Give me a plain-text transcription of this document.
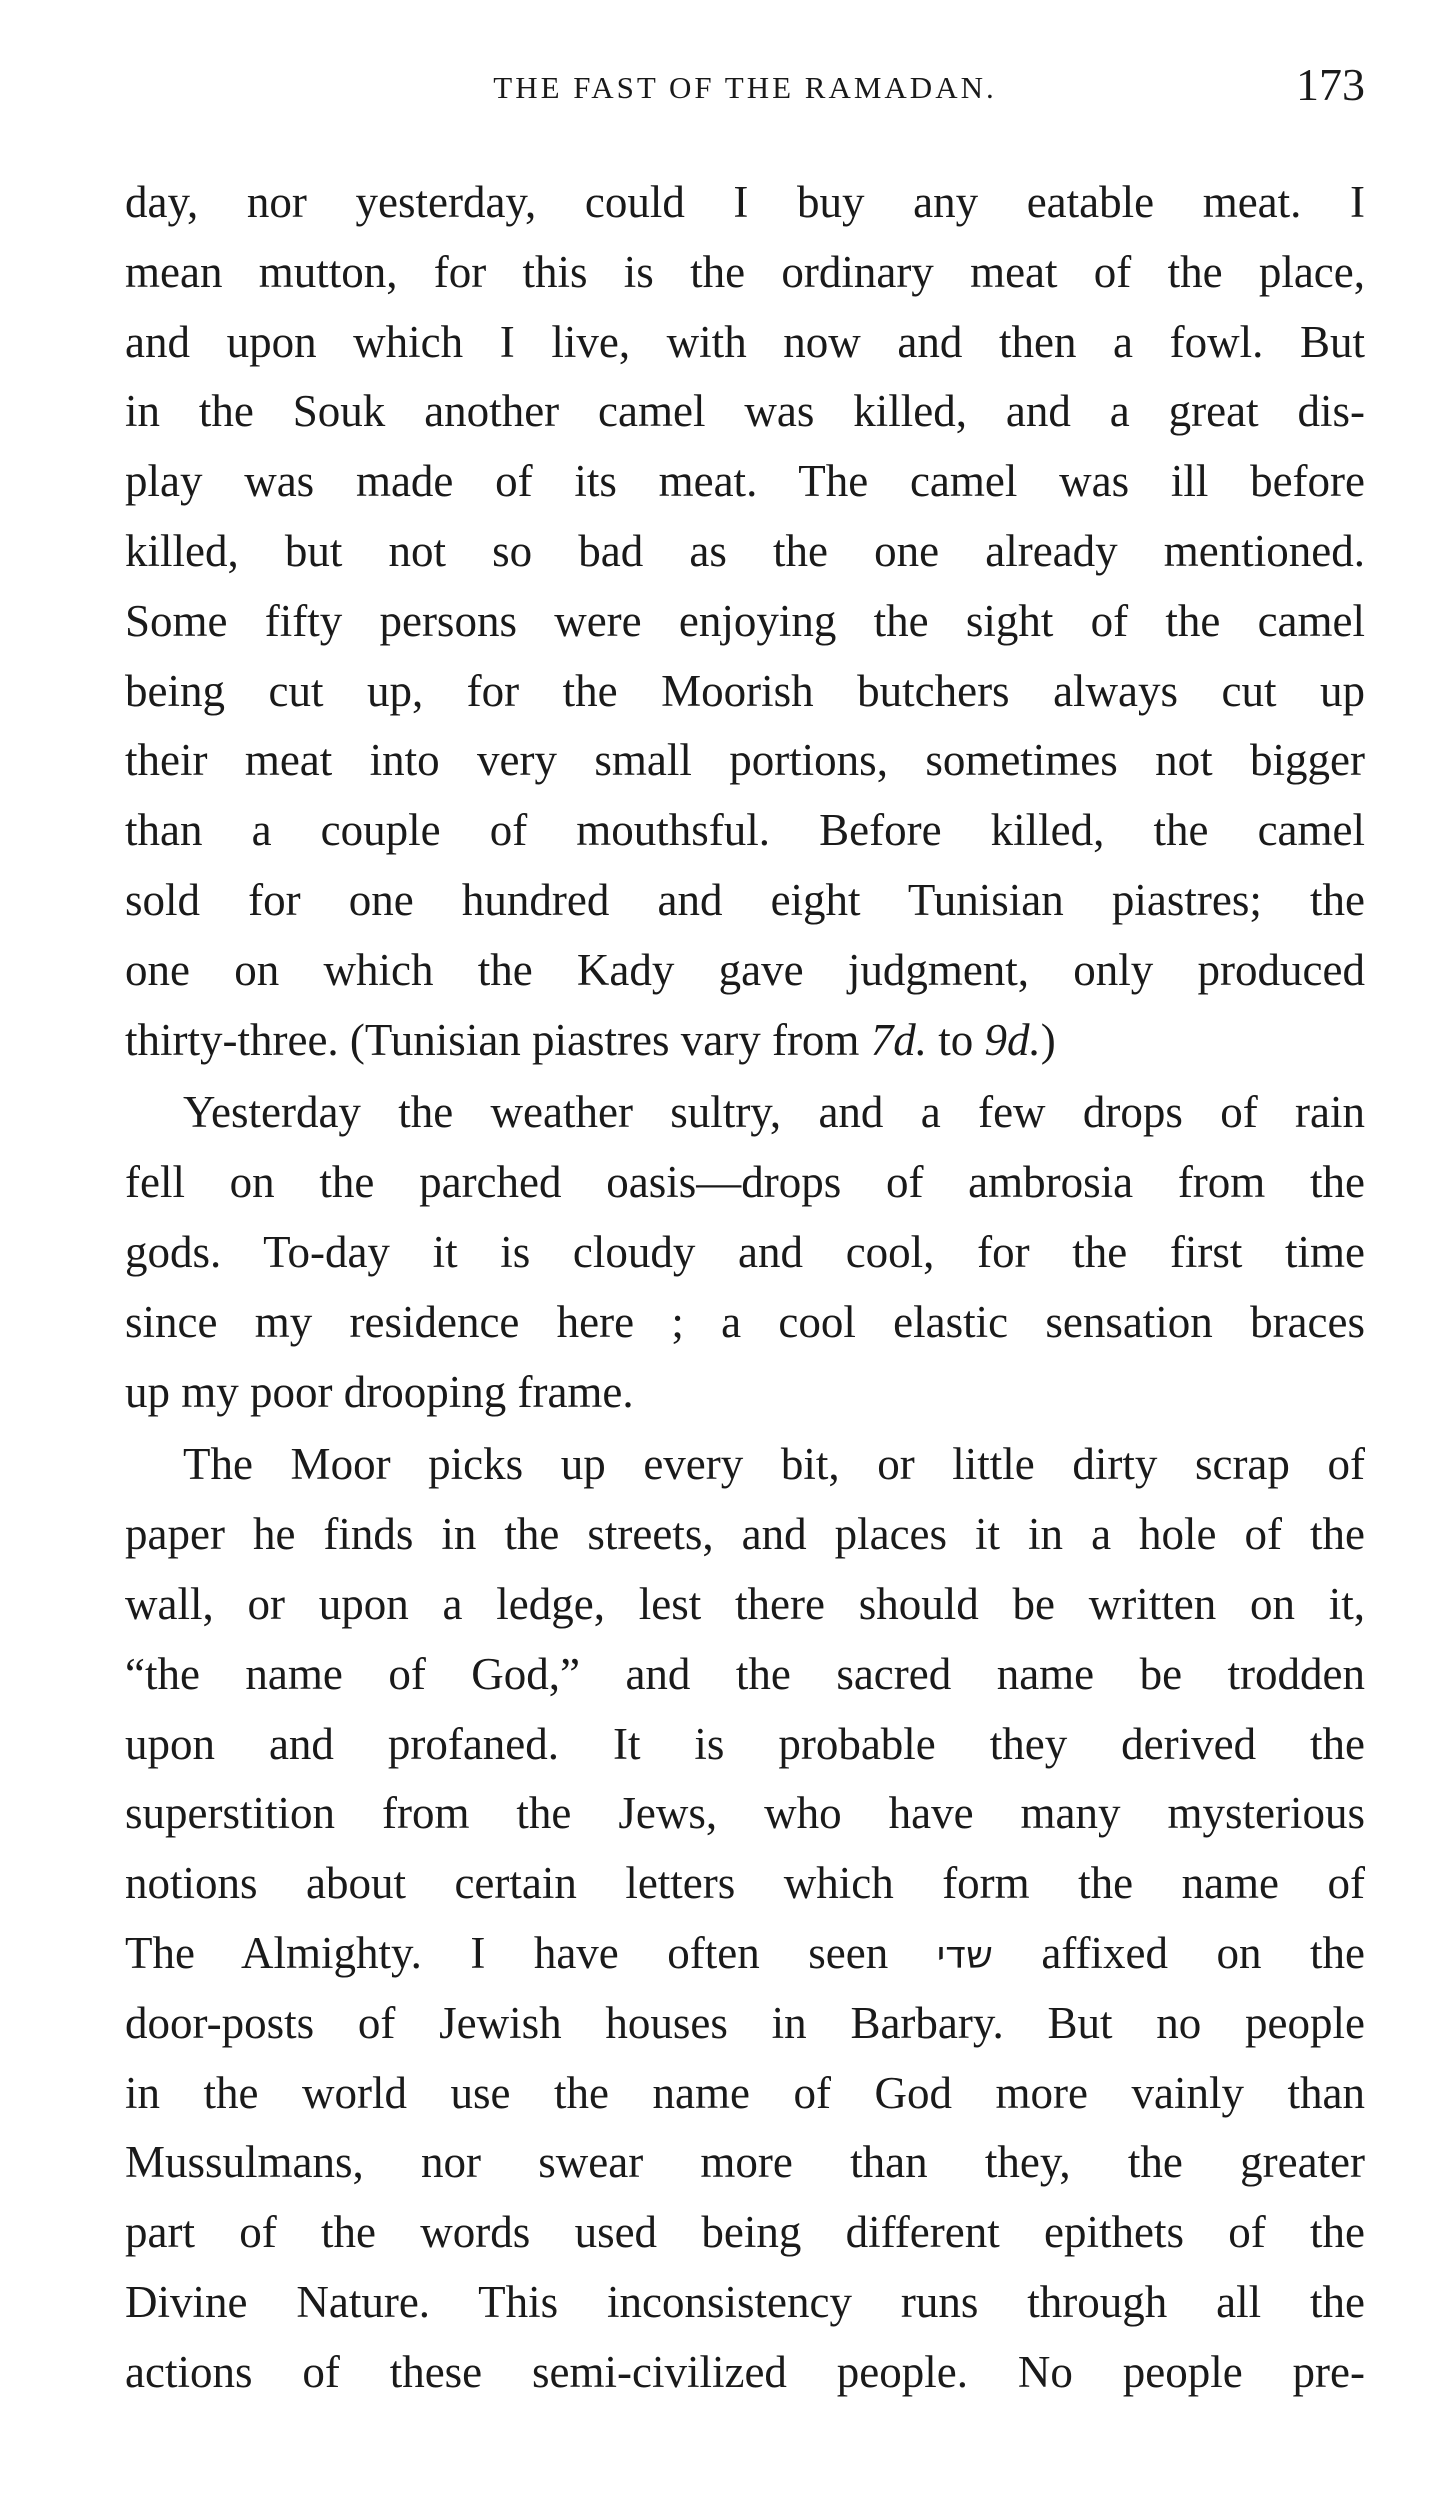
THE FAST OF THE RAMADAN.	173
day, nor yesterday, could I buy any eatable meat. I
mean mutton, for this is the ordinary meat of the place,
and upon which I live, with now and then a fowl. But
in the Souk another camel was killed, and a great dis-
play was made of its meat. The camel was ill before
killed, but not so bad as the one already mentioned.
Some fifty persons were enjoying the sight of the camel
being cut up, for the Moorish butchers always cut up
their meat into very small portions, sometimes not bigger
than a couple of mouthsful. Before killed, the camel
sold for one hundred and eight Tunisian piastres; the
one on which the Kady gave judgment, only produced
thirty-three. (Tunisian piastres vary from 7d. to 9d.)
Yesterday the weather sultry, and a few drops of rain
fell on the parched oasis—drops of ambrosia from the
gods. To-day it is cloudy and cool, for the first time
since my residence here ; a cool elastic sensation braces
up my poor drooping frame.
The Moor picks up every bit, or little dirty scrap of
paper he finds in the streets, and places it in a hole of the
wall, or upon a ledge, lest there should be written on it,
“the name of God,” and the sacred name be trodden
upon and profaned. It is probable they derived the
superstition from the Jews, who have many mysterious
notions about certain letters which form the name of
The Almighty. I have often seen שדי affixed on the
door-posts of Jewish houses in Barbary. But no people
in the world use the name of God more vainly than
Mussulmans, nor swear more than they, the greater
part of the words used being different epithets of the
Divine Nature. This inconsistency runs through all the
actions of these semi-civilized people. No people pre-
